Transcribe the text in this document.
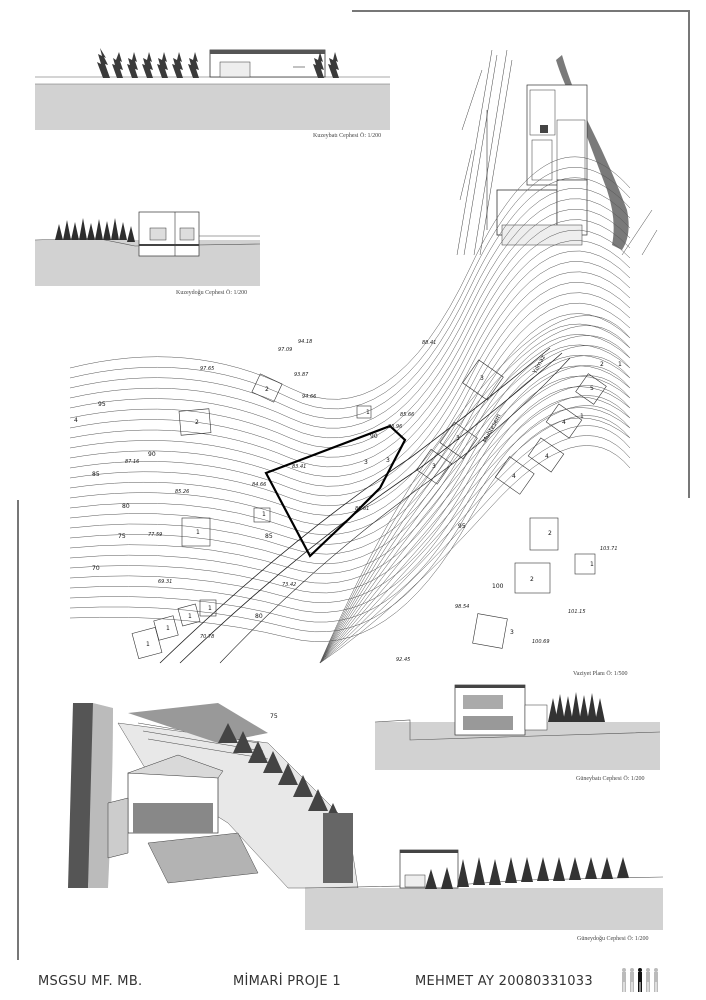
Kuzeybatı Cephesi Ö: 1/200
Kuzeydoğu Cephesi Ö: 1/200
95
90
85
80
75
70
75
80
85
90
95
100
97.65
97.09
94.18
93.87
94.66
88.41
85.66
83.96
87.16
85.26
84.66
83.41
80.61
77.59
69.31	73.42
70.78
98.54
100.69
101.15
103.71
92.45
2
2
3
3
3
4
4
4
5
3
2
2
1
1
1
1
1
1
1
1
3
3
2 1
1
4	Muhtesem
Yılmaz
Vaziyet Planı Ö: 1/500
Güneybatı Cephesi Ö: 1/200
Güneydoğu Cephesi Ö: 1/200
MSGSU MF. MB.	MİMARİ PROJE 1	MEHMET AY 20080331033
